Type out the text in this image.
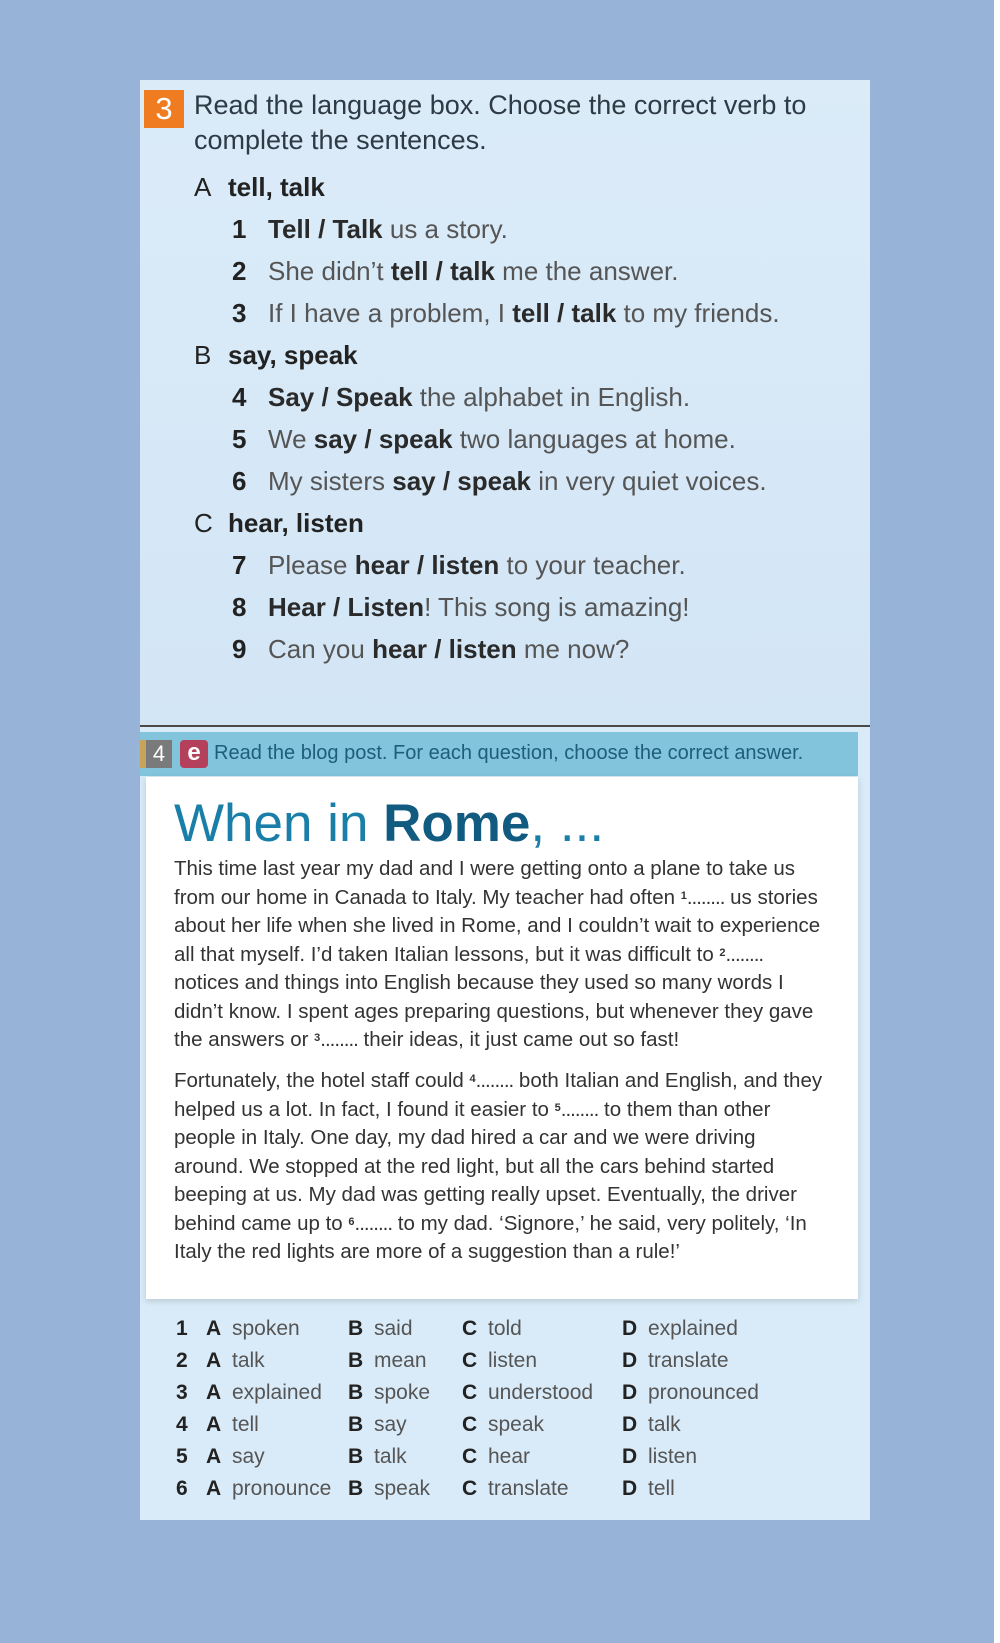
3 Read the language box. Choose the correct verb to complete the sentences.
A tell, talk
1 Tell / Talk us a story.
2 She didn’t tell / talk me the answer.
3 If I have a problem, I tell / talk to my friends.
B say, speak
4 Say / Speak the alphabet in English.
5 We say / speak two languages at home.
6 My sisters say / speak in very quiet voices.
C hear, listen
7 Please hear / listen to your teacher.
8 Hear / Listen! This song is amazing!
9 Can you hear / listen me now?
4 e Read the blog post. For each question, choose the correct answer.
When in Rome, ...
This time last year my dad and I were getting onto a plane to take us from our home in Canada to Italy. My teacher had often $^1$........ us stories about her life when she lived in Rome, and I couldn’t wait to experience all that myself. I’d taken Italian lessons, but it was difficult to $^2$........ notices and things into English because they used so many words I didn’t know. I spent ages preparing questions, but whenever they gave the answers or $^3$........ their ideas, it just came out so fast!
Fortunately, the hotel staff could $^4$........ both Italian and English, and they helped us a lot. In fact, I found it easier to $^5$........ to them than other people in Italy. One day, my dad hired a car and we were driving around. We stopped at the red light, but all the cars behind started beeping at us. My dad was getting really upset. Eventually, the driver behind came up to $^6$........ to my dad. ‘Signore,’ he said, very politely, ‘In Italy the red lights are more of a suggestion than a rule!’
1 A spoken B said C told	D explained
2 A talk	B mean C listen	D translate
3 A explained B spoke C understood D pronounced
4 A tell	B say	C speak	D talk
5 A say	B talk	C hear	D listen
6 A pronounce B speak C translate	D tell
